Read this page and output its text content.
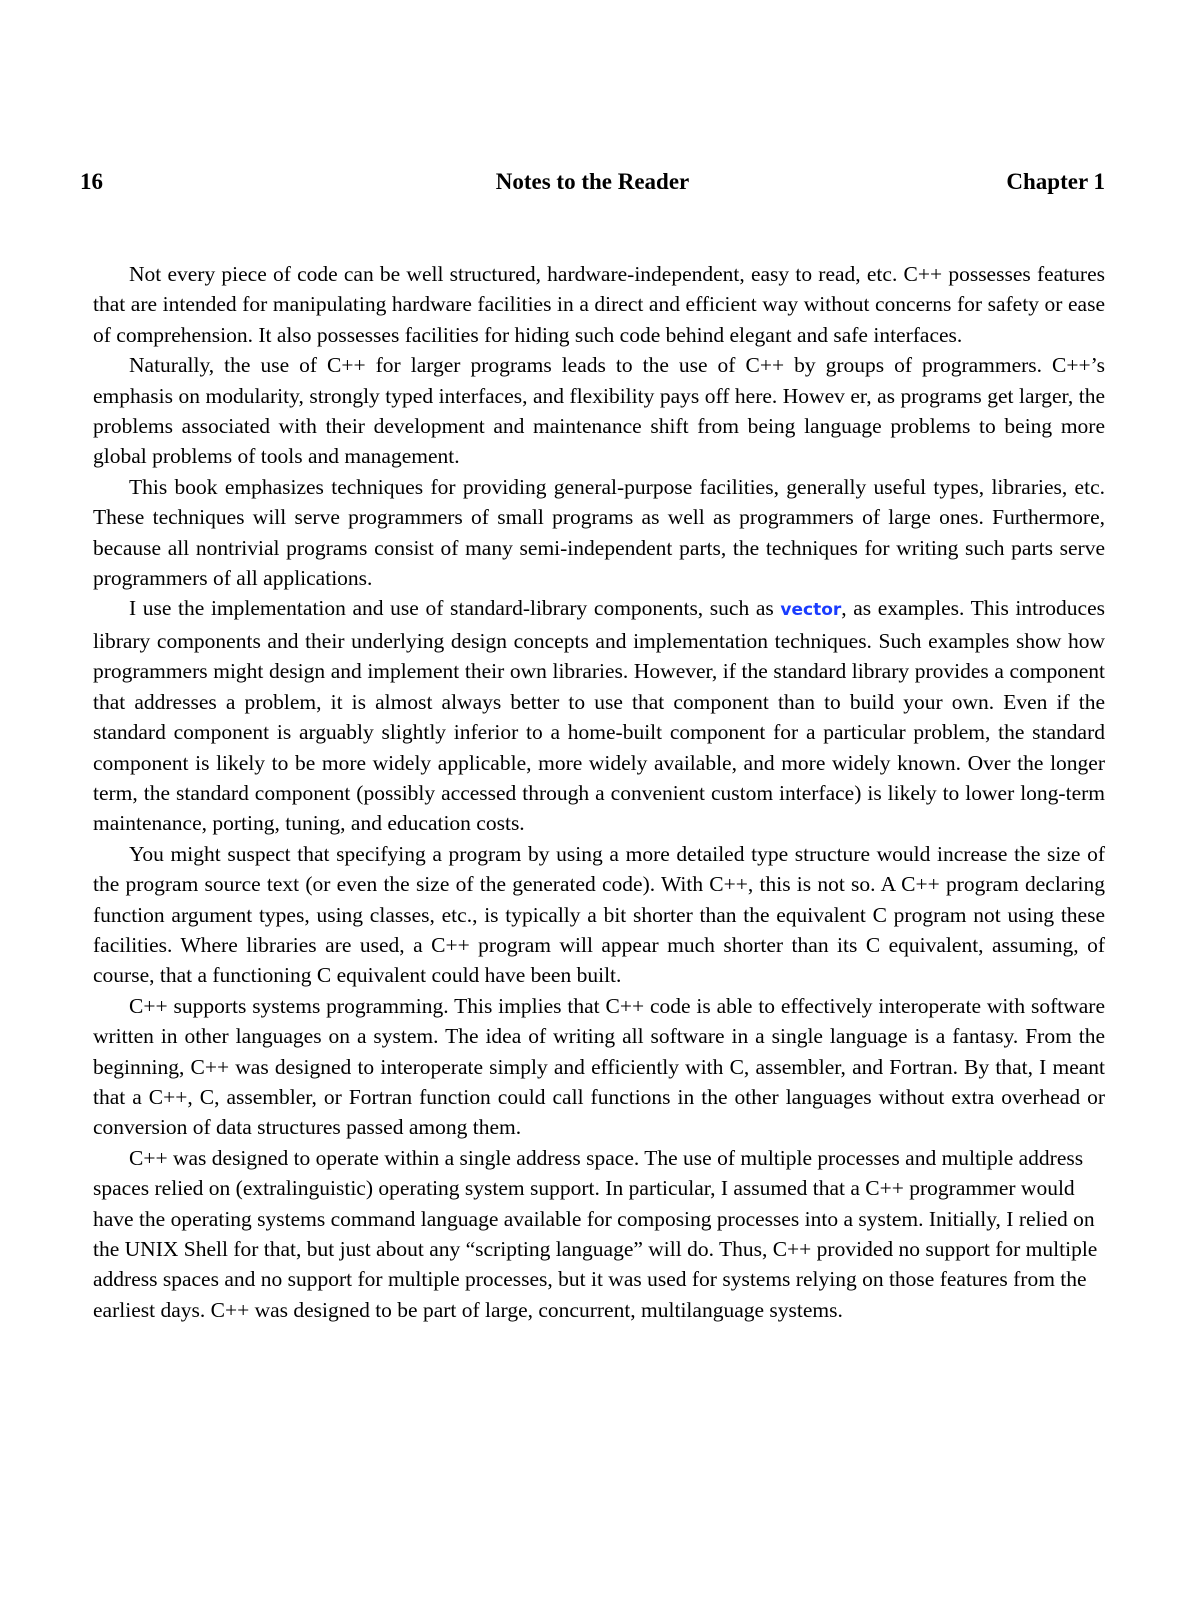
16	Notes to the Reader	Chapter 1

Not every piece of code can be well structured, hardware-independent, easy to read, etc. C++ possesses features that are intended for manipulating hardware facilities in a direct and efficient way without concerns for safety or ease of comprehension. It also possesses facilities for hiding such code behind elegant and safe interfaces.

Naturally, the use of C++ for larger programs leads to the use of C++ by groups of programmers. C++’s emphasis on modularity, strongly typed interfaces, and flexibility pays off here. Howev er, as programs get larger, the problems associated with their development and maintenance shift from being language problems to being more global problems of tools and management.

This book emphasizes techniques for providing general-purpose facilities, generally useful types, libraries, etc. These techniques will serve programmers of small programs as well as programmers of large ones. Furthermore, because all nontrivial programs consist of many semi-independent parts, the techniques for writing such parts serve programmers of all applications.

I use the implementation and use of standard-library components, such as vector, as examples. This introduces library components and their underlying design concepts and implementation techniques. Such examples show how programmers might design and implement their own libraries. However, if the standard library provides a component that addresses a problem, it is almost always better to use that component than to build your own. Even if the standard component is arguably slightly inferior to a home-built component for a particular problem, the standard component is likely to be more widely applicable, more widely available, and more widely known. Over the longer term, the standard component (possibly accessed through a convenient custom interface) is likely to lower long-term maintenance, porting, tuning, and education costs.

You might suspect that specifying a program by using a more detailed type structure would increase the size of the program source text (or even the size of the generated code). With C++, this is not so. A C++ program declaring function argument types, using classes, etc., is typically a bit shorter than the equivalent C program not using these facilities. Where libraries are used, a C++ program will appear much shorter than its C equivalent, assuming, of course, that a functioning C equivalent could have been built.

C++ supports systems programming. This implies that C++ code is able to effectively interoperate with software written in other languages on a system. The idea of writing all software in a single language is a fantasy. From the beginning, C++ was designed to interoperate simply and efficiently with C, assembler, and Fortran. By that, I meant that a C++, C, assembler, or Fortran function could call functions in the other languages without extra overhead or conversion of data structures passed among them.

C++ was designed to operate within a single address space. The use of multiple processes and multiple address spaces relied on (extralinguistic) operating system support. In particular, I assumed that a C++ programmer would have the operating systems command language available for composing processes into a system. Initially, I relied on the UNIX Shell for that, but just about any “scripting language” will do. Thus, C++ provided no support for multiple address spaces and no support for multiple processes, but it was used for systems relying on those features from the earliest days. C++ was designed to be part of large, concurrent, multilanguage systems.
